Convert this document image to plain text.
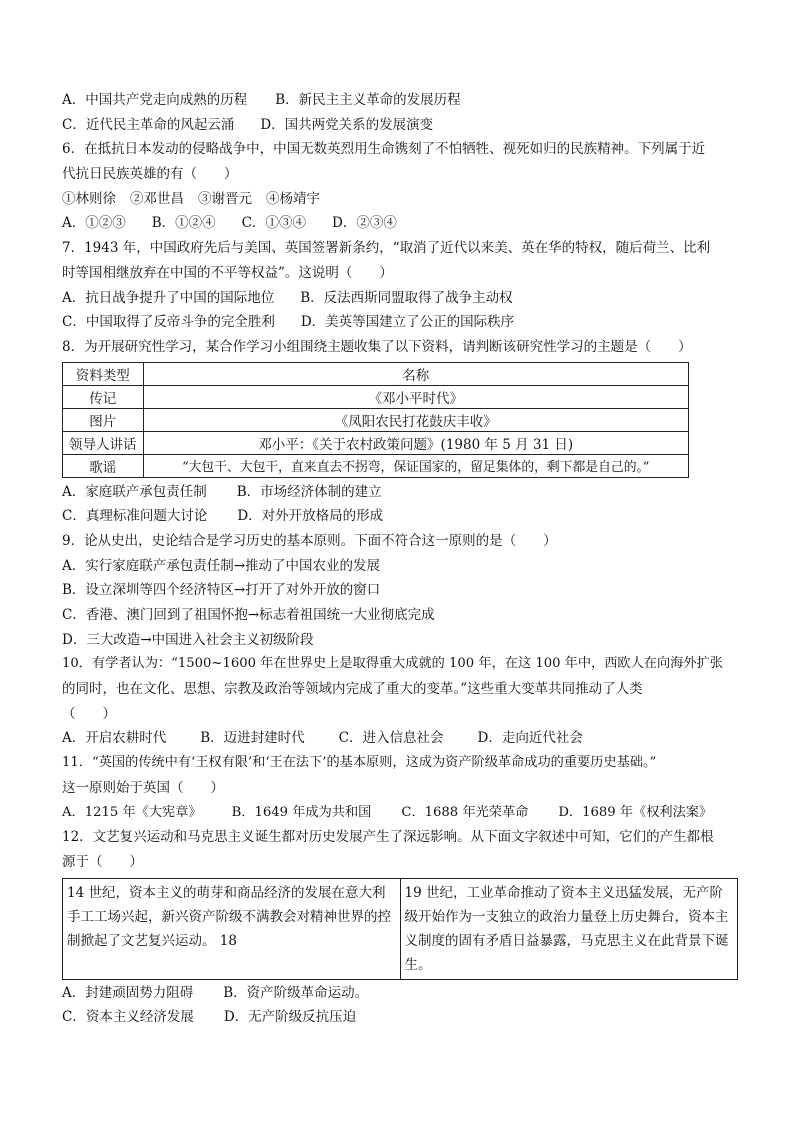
A．中国共产党走向成熟的历程 B．新民主主义革命的发展历程
C．近代民主革命的风起云涌 D．国共两党关系的发展演变
6．在抵抗日本发动的侵略战争中，中国无数英烈用生命镌刻了不怕牺牲、视死如归的民族精神。下列属于近
代抗日民族英雄的有（　　）
①林则徐 ②邓世昌 ③谢晋元 ④杨靖宇
A．①②③ B．①②④ C．①③④ D．②③④
7．1943 年，中国政府先后与美国、英国签署新条约，“取消了近代以来美、英在华的特权，随后荷兰、比利
时等国相继放弃在中国的不平等权益”。这说明（　　）
A．抗日战争提升了中国的国际地位 B．反法西斯同盟取得了战争主动权
C．中国取得了反帝斗争的完全胜利 D．美英等国建立了公正的国际秩序
8．为开展研究性学习，某合作学习小组围绕主题收集了以下资料，请判断该研究性学习的主题是（　　）
资料类型	名称
传记	《邓小平时代》
图片	《凤阳农民打花鼓庆丰收》
领导人讲话	邓小平：《关于农村政策问题》(1980 年 5 月 31 日)
歌谣	“大包干、大包干，直来直去不拐弯，保证国家的，留足集体的，剩下都是自己的。”
A．家庭联产承包责任制 B．市场经济体制的建立
C．真理标准问题大讨论 D．对外开放格局的形成
9．论从史出，史论结合是学习历史的基本原则。下面不符合这一原则的是（　　）
A．实行家庭联产承包责任制→推动了中国农业的发展
B．设立深圳等四个经济特区→打开了对外开放的窗口
C．香港、澳门回到了祖国怀抱→标志着祖国统一大业彻底完成
D．三大改造→中国进入社会主义初级阶段
10．有学者认为：“1500~1600 年在世界史上是取得重大成就的 100 年，在这 100 年中，西欧人在向海外扩张
的同时，也在文化、思想、宗教及政治等领域内完成了重大的变革。”这些重大变革共同推动了人类
（　　）
A．开启农耕时代	B．迈进封建时代	C．进入信息社会	D．走向近代社会
11．“英国的传统中有‘王权有限’和‘王在法下’的基本原则，这成为资产阶级革命成功的重要历史基础。”
这一原则始于英国（　　）
A．1215 年《大宪章》 B．1649 年成为共和国 C．1688 年光荣革命 D．1689 年《权利法案》
12．文艺复兴运动和马克思主义诞生都对历史发展产生了深远影响。从下面文字叙述中可知，它们的产生都根
源于（　　）
14 世纪，资本主义的萌芽和商品经济的发展在意大利手工工场兴起，新兴资产阶级不满教会对精神世界的控制掀起了文艺复兴运动。 18	19 世纪，工业革命推动了资本主义迅猛发展，无产阶级开始作为一支独立的政治力量登上历史舞台，资本主义制度的固有矛盾日益暴露，马克思主义在此背景下诞生。
A．封建顽固势力阻碍 B．资产阶级革命运动。
C．资本主义经济发展 D．无产阶级反抗压迫
